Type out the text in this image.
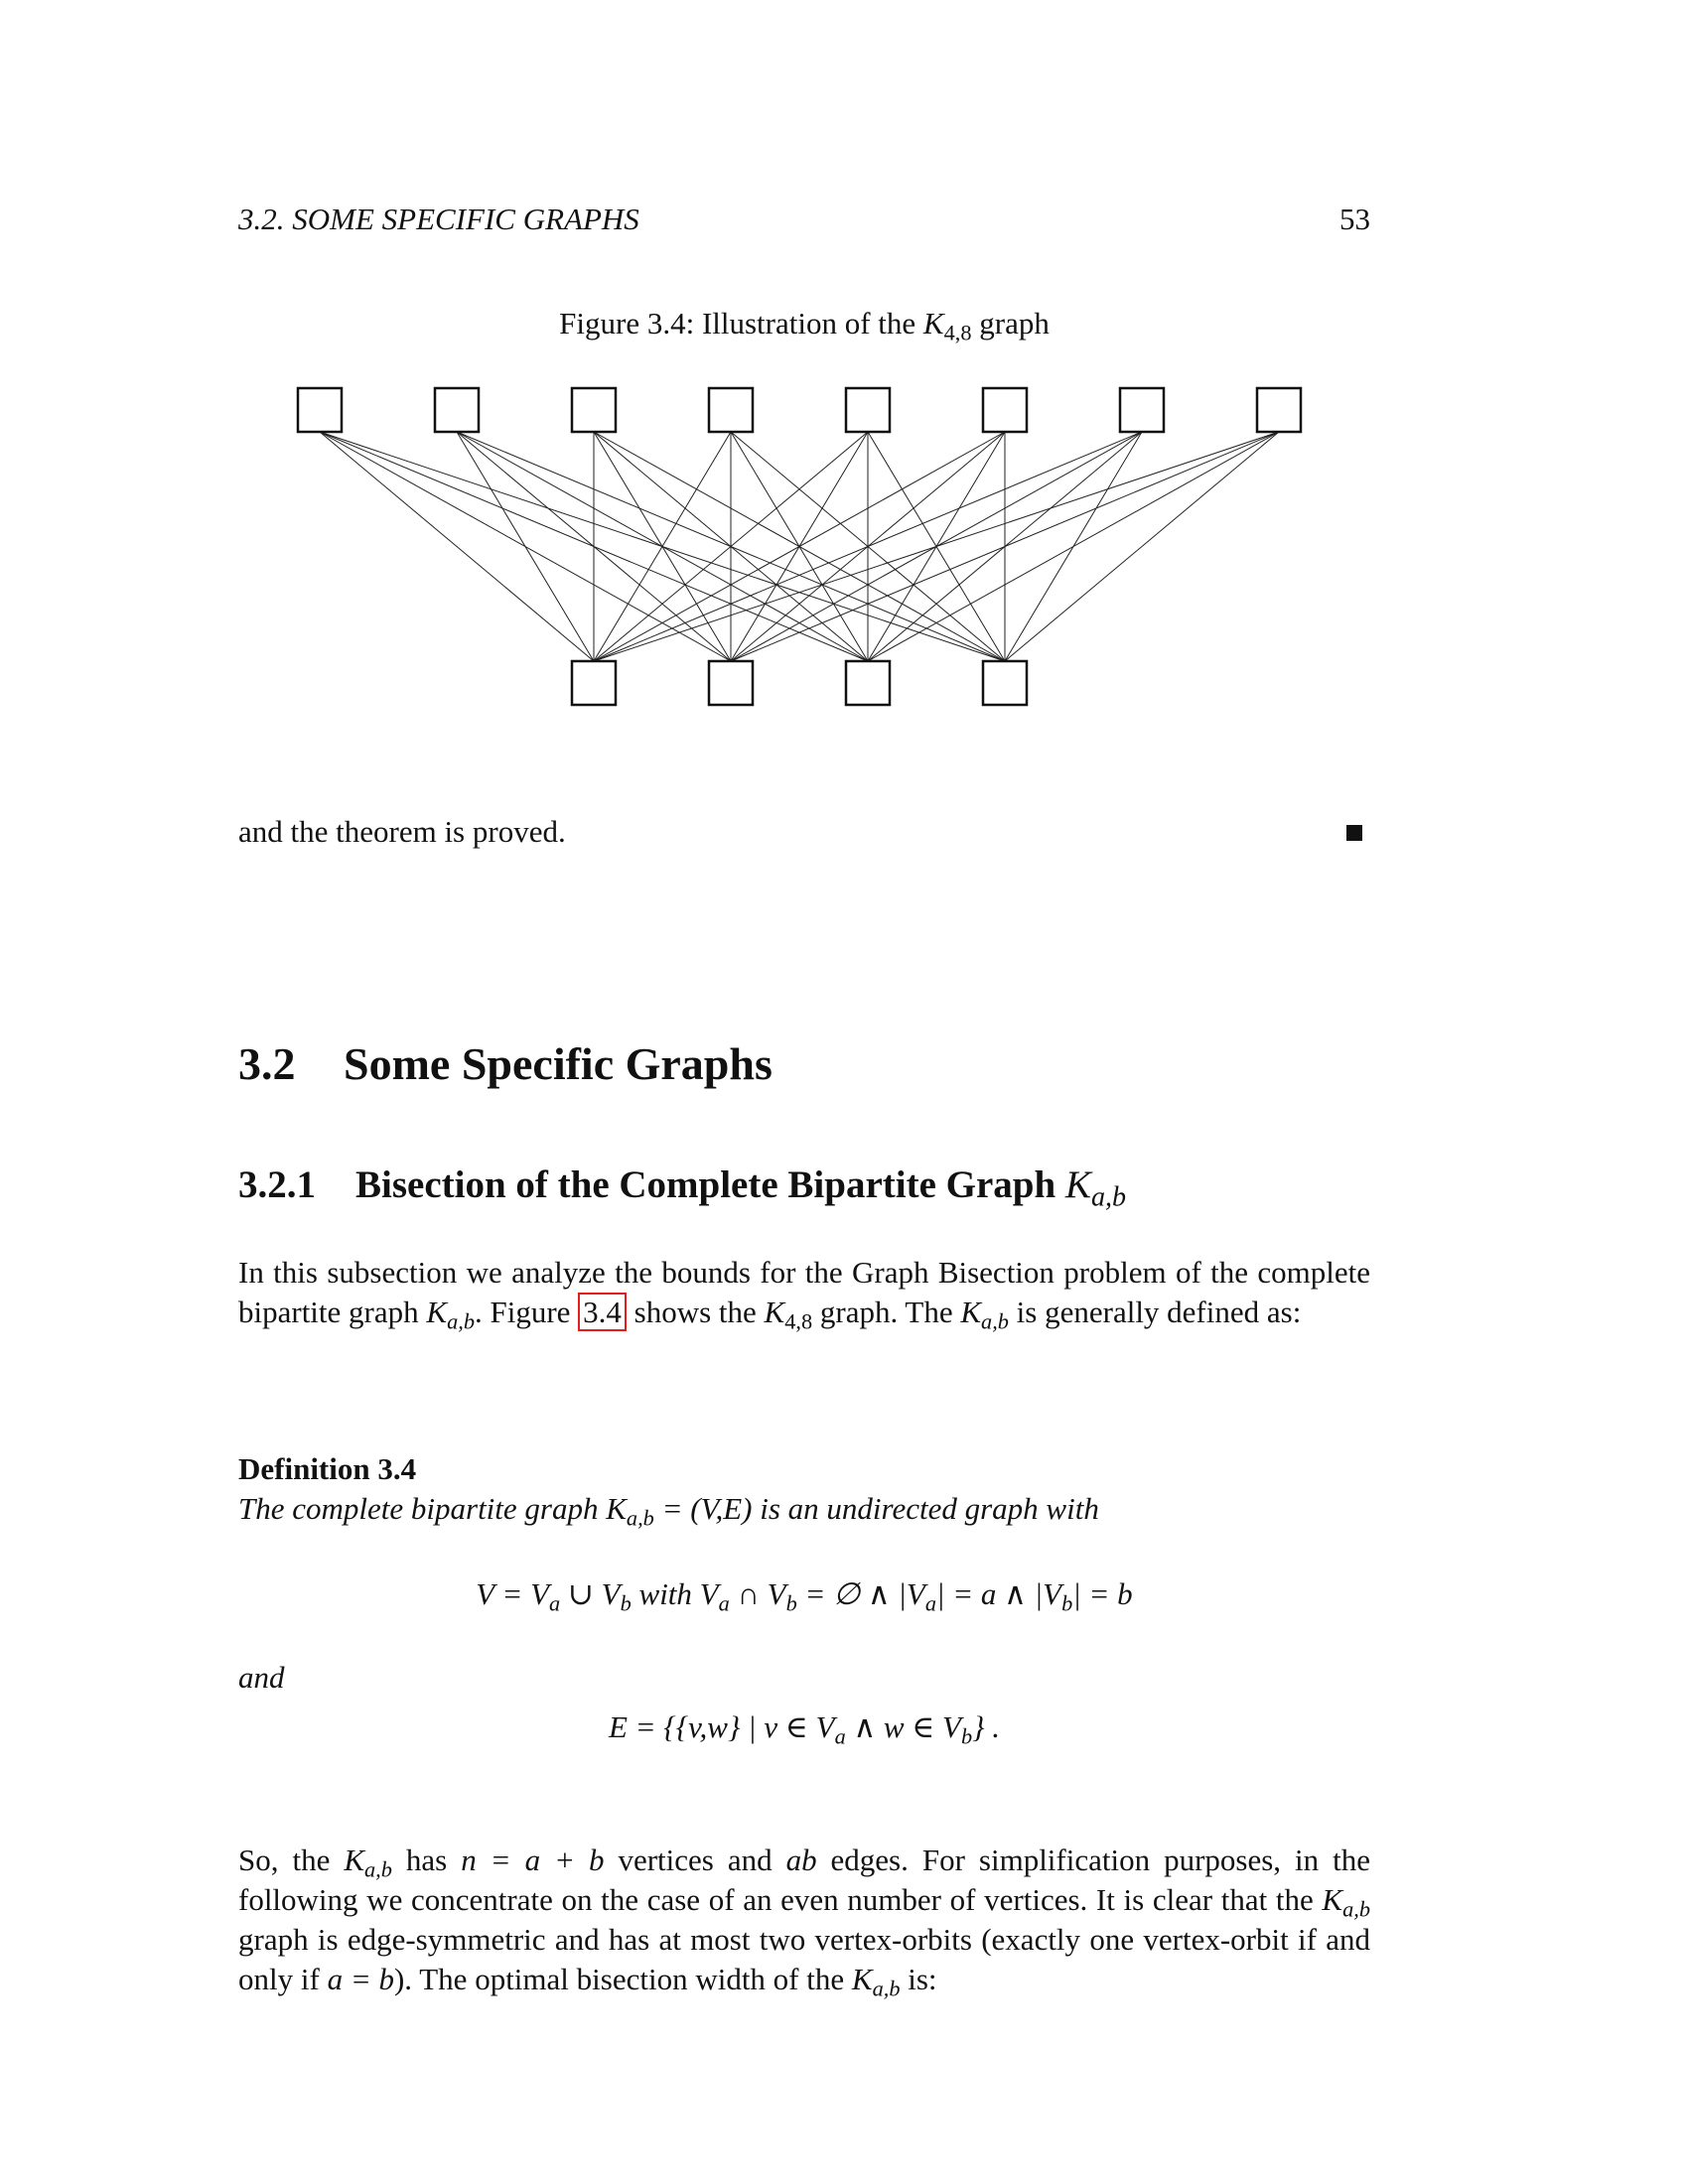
3.2. SOME SPECIFIC GRAPHS	53
Figure 3.4: Illustration of the $K_{4,8}$ graph
and the theorem is proved.
3.2 Some Specific Graphs
3.2.1 Bisection of the Complete Bipartite Graph $K_{a,b}$
In this subsection we analyze the bounds for the Graph Bisection problem of the complete bipartite graph $K_{a,b}$. Figure 3.4 shows the $K_{4,8}$ graph. The $K_{a,b}$ is generally defined as:
Definition 3.4
The complete bipartite graph $K_{a,b} = (V,E)$ is an undirected graph with
$V = V_a$ ∪ $V_b$ with $V_a$ ∩ $V_b$ = ∅ ∧ $|V_a| = a$ ∧ $|V_b| = b$
and
E = {{v,w} | v ∈ $V_a$ ∧ w ∈ $V_b$} .
So, the $K_{a,b}$ has n = a + b vertices and ab edges. For simplification purposes, in the following we concentrate on the case of an even number of vertices. It is clear that the $K_{a,b}$ graph is edge-symmetric and has at most two vertex-orbits (exactly one vertex-orbit if and only if a = b). The optimal bisection width of the $K_{a,b}$ is:
